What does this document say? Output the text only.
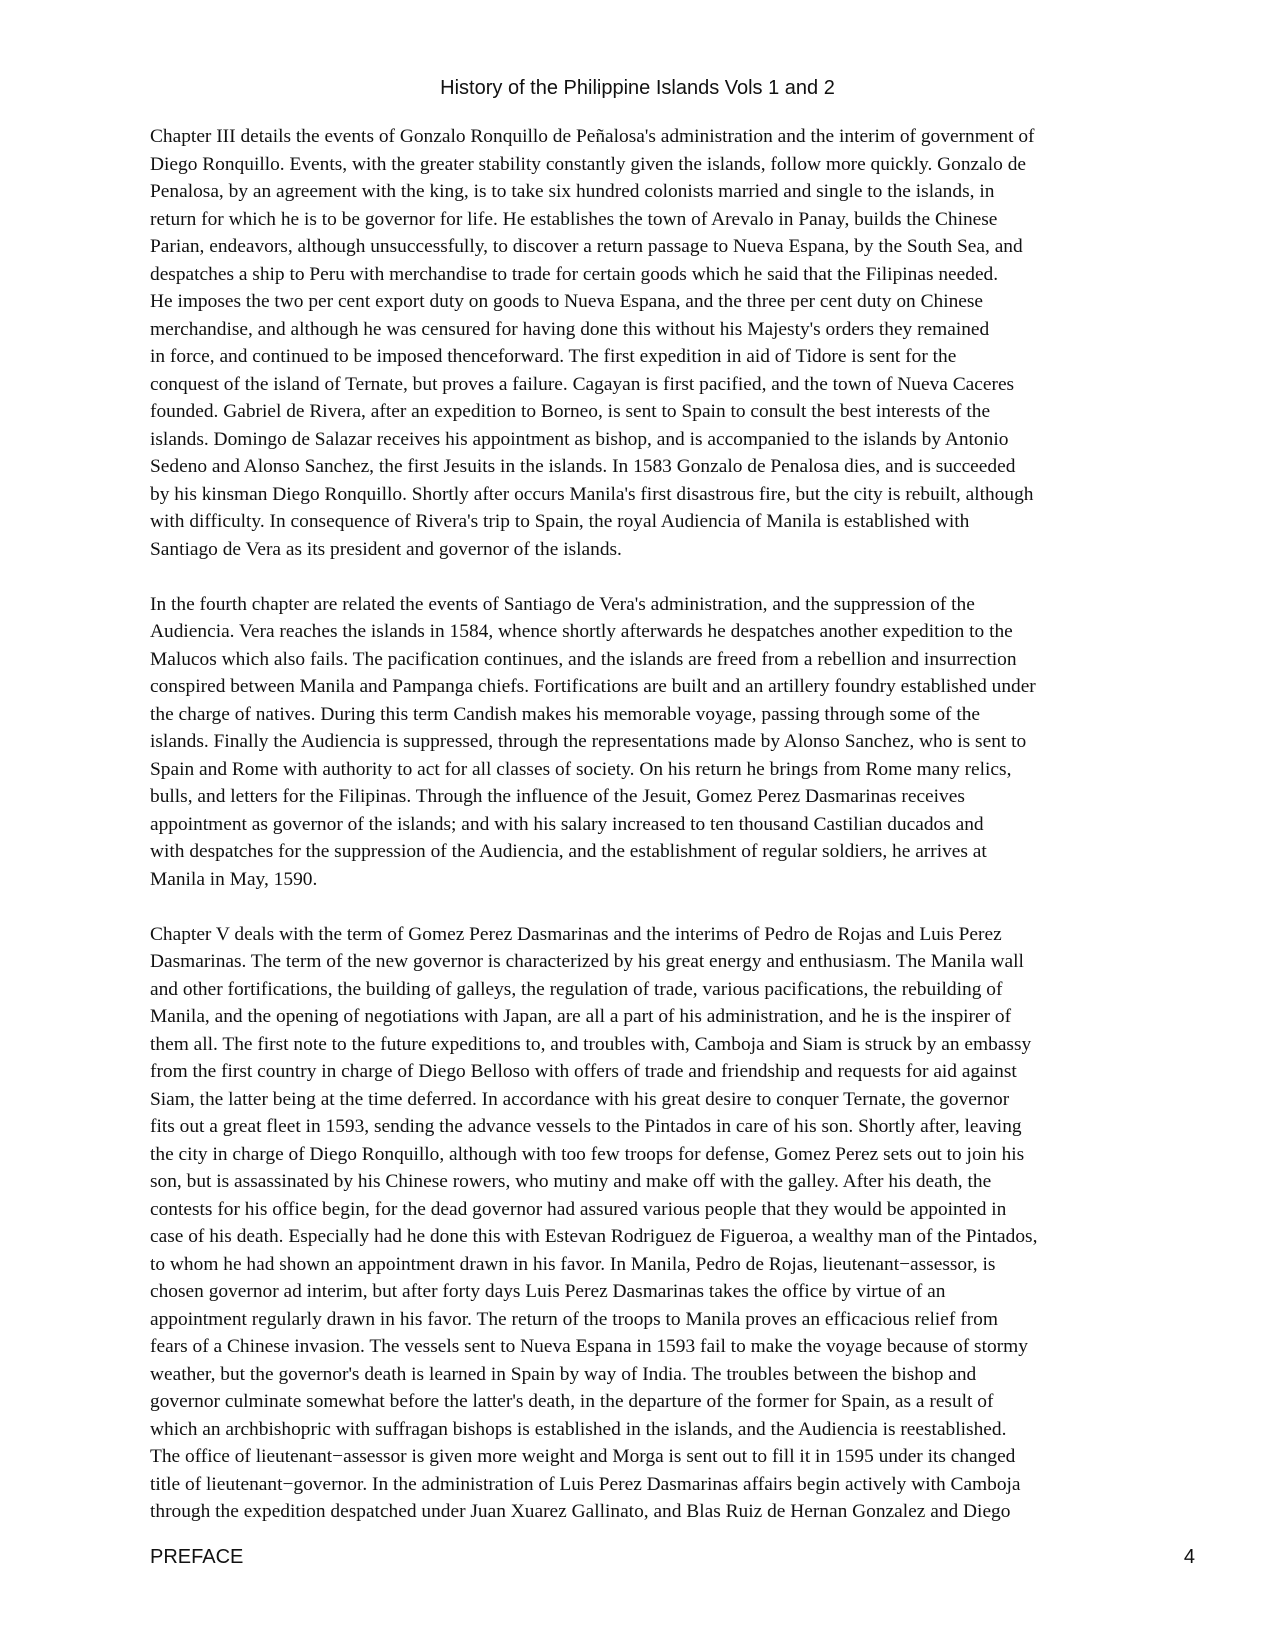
History of the Philippine Islands Vols 1 and 2

Chapter III details the events of Gonzalo Ronquillo de Peñalosa's administration and the interim of government of
Diego Ronquillo. Events, with the greater stability constantly given the islands, follow more quickly. Gonzalo de
Penalosa, by an agreement with the king, is to take six hundred colonists married and single to the islands, in
return for which he is to be governor for life. He establishes the town of Arevalo in Panay, builds the Chinese
Parian, endeavors, although unsuccessfully, to discover a return passage to Nueva Espana, by the South Sea, and
despatches a ship to Peru with merchandise to trade for certain goods which he said that the Filipinas needed.
He imposes the two per cent export duty on goods to Nueva Espana, and the three per cent duty on Chinese
merchandise, and although he was censured for having done this without his Majesty's orders they remained
in force, and continued to be imposed thenceforward. The first expedition in aid of Tidore is sent for the
conquest of the island of Ternate, but proves a failure. Cagayan is first pacified, and the town of Nueva Caceres
founded. Gabriel de Rivera, after an expedition to Borneo, is sent to Spain to consult the best interests of the
islands. Domingo de Salazar receives his appointment as bishop, and is accompanied to the islands by Antonio
Sedeno and Alonso Sanchez, the first Jesuits in the islands. In 1583 Gonzalo de Penalosa dies, and is succeeded
by his kinsman Diego Ronquillo. Shortly after occurs Manila's first disastrous fire, but the city is rebuilt, although
with difficulty. In consequence of Rivera's trip to Spain, the royal Audiencia of Manila is established with
Santiago de Vera as its president and governor of the islands.

In the fourth chapter are related the events of Santiago de Vera's administration, and the suppression of the
Audiencia. Vera reaches the islands in 1584, whence shortly afterwards he despatches another expedition to the
Malucos which also fails. The pacification continues, and the islands are freed from a rebellion and insurrection
conspired between Manila and Pampanga chiefs. Fortifications are built and an artillery foundry established under
the charge of natives. During this term Candish makes his memorable voyage, passing through some of the
islands. Finally the Audiencia is suppressed, through the representations made by Alonso Sanchez, who is sent to
Spain and Rome with authority to act for all classes of society. On his return he brings from Rome many relics,
bulls, and letters for the Filipinas. Through the influence of the Jesuit, Gomez Perez Dasmarinas receives
appointment as governor of the islands; and with his salary increased to ten thousand Castilian ducados and
with despatches for the suppression of the Audiencia, and the establishment of regular soldiers, he arrives at
Manila in May, 1590.

Chapter V deals with the term of Gomez Perez Dasmarinas and the interims of Pedro de Rojas and Luis Perez
Dasmarinas. The term of the new governor is characterized by his great energy and enthusiasm. The Manila wall
and other fortifications, the building of galleys, the regulation of trade, various pacifications, the rebuilding of
Manila, and the opening of negotiations with Japan, are all a part of his administration, and he is the inspirer of
them all. The first note to the future expeditions to, and troubles with, Camboja and Siam is struck by an embassy
from the first country in charge of Diego Belloso with offers of trade and friendship and requests for aid against
Siam, the latter being at the time deferred. In accordance with his great desire to conquer Ternate, the governor
fits out a great fleet in 1593, sending the advance vessels to the Pintados in care of his son. Shortly after, leaving
the city in charge of Diego Ronquillo, although with too few troops for defense, Gomez Perez sets out to join his
son, but is assassinated by his Chinese rowers, who mutiny and make off with the galley. After his death, the
contests for his office begin, for the dead governor had assured various people that they would be appointed in
case of his death. Especially had he done this with Estevan Rodriguez de Figueroa, a wealthy man of the Pintados,
to whom he had shown an appointment drawn in his favor. In Manila, Pedro de Rojas, lieutenant−assessor, is
chosen governor ad interim, but after forty days Luis Perez Dasmarinas takes the office by virtue of an
appointment regularly drawn in his favor. The return of the troops to Manila proves an efficacious relief from
fears of a Chinese invasion. The vessels sent to Nueva Espana in 1593 fail to make the voyage because of stormy
weather, but the governor's death is learned in Spain by way of India. The troubles between the bishop and
governor culminate somewhat before the latter's death, in the departure of the former for Spain, as a result of
which an archbishopric with suffragan bishops is established in the islands, and the Audiencia is reestablished.
The office of lieutenant−assessor is given more weight and Morga is sent out to fill it in 1595 under its changed
title of lieutenant−governor. In the administration of Luis Perez Dasmarinas affairs begin actively with Camboja
through the expedition despatched under Juan Xuarez Gallinato, and Blas Ruiz de Hernan Gonzalez and Diego

PREFACE	4
